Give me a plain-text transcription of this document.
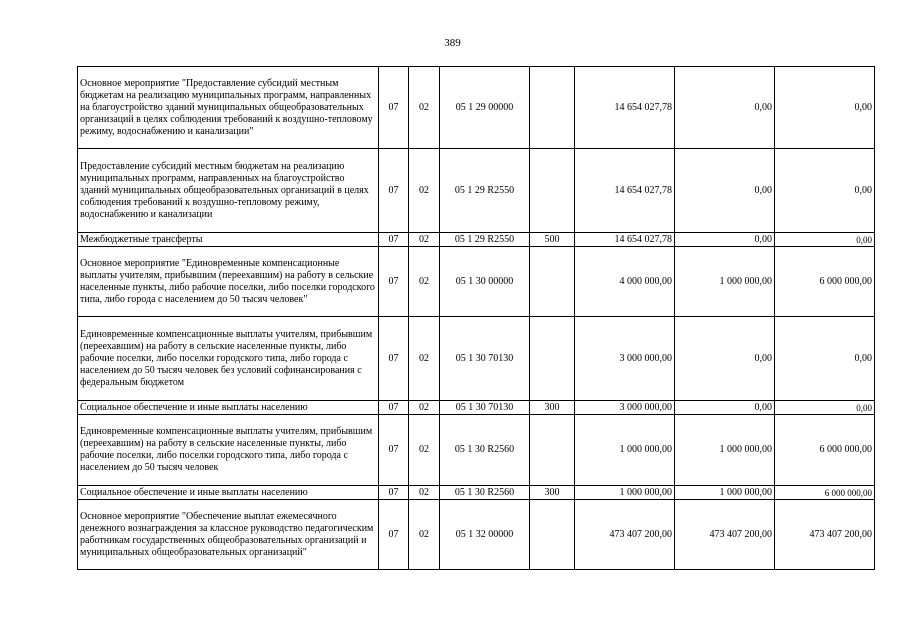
389
Основное мероприятие "Предоставление субсидий местным бюджетам на реализацию муниципальных программ, направленных на благоустройство зданий муниципальных общеобразовательных организаций в целях соблюдения требований к воздушно-тепловому режиму, водоснабжению и канализации"	07	02	05 1 29 00000		14 654 027,78	0,00	0,00
Предоставление субсидий местным бюджетам на реализацию муниципальных программ, направленных на благоустройство зданий муниципальных общеобразовательных организаций в целях соблюдения требований к воздушно-тепловому режиму, водоснабжению и канализации	07	02	05 1 29 R2550		14 654 027,78	0,00	0,00
Межбюджетные трансферты	07	02	05 1 29 R2550	500	14 654 027,78	0,00	0,00
Основное мероприятие "Единовременные компенсационные выплаты учителям, прибывшим (переехавшим) на работу в сельские населенные пункты, либо рабочие поселки, либо поселки городского типа, либо города с населением до 50 тысяч человек"	07	02	05 1 30 00000		4 000 000,00	1 000 000,00	6 000 000,00
Единовременные компенсационные выплаты учителям, прибывшим (переехавшим) на работу в сельские населенные пункты, либо рабочие поселки, либо поселки городского типа, либо города с населением до 50 тысяч человек без условий софинансирования с федеральным бюджетом	07	02	05 1 30 70130		3 000 000,00	0,00	0,00
Социальное обеспечение и иные выплаты населению	07	02	05 1 30 70130	300	3 000 000,00	0,00	0,00
Единовременные компенсационные выплаты учителям, прибывшим (переехавшим) на работу в сельские населенные пункты, либо рабочие поселки, либо поселки городского типа, либо города с населением до 50 тысяч человек	07	02	05 1 30 R2560		1 000 000,00	1 000 000,00	6 000 000,00
Социальное обеспечение и иные выплаты населению	07	02	05 1 30 R2560	300	1 000 000,00	1 000 000,00	6 000 000,00
Основное мероприятие "Обеспечение выплат ежемесячного денежного вознаграждения за классное руководство педагогическим работникам государственных общеобразовательных организаций и муниципальных общеобразовательных организаций"	07	02	05 1 32 00000		473 407 200,00	473 407 200,00	473 407 200,00
